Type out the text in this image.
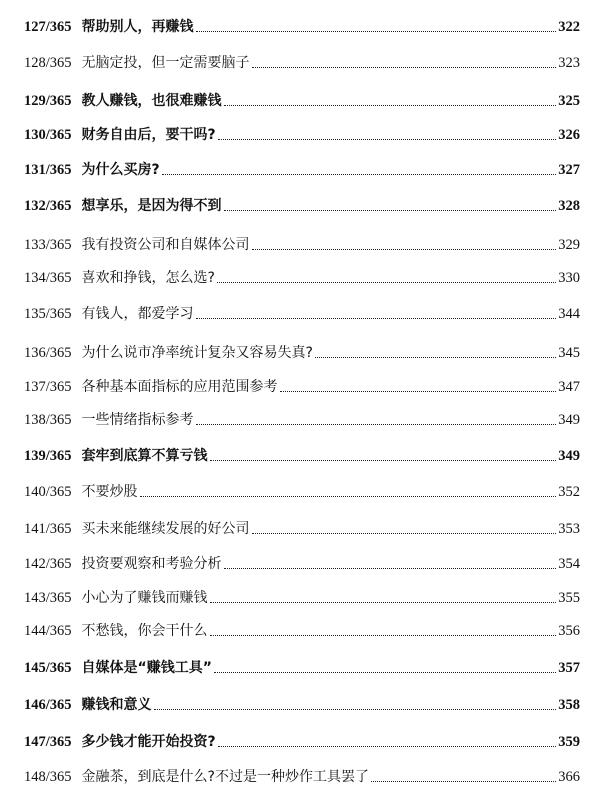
127/365 帮助别人，再赚钱	322
128/365 无脑定投，但一定需要脑子	323
129/365 教人赚钱，也很难赚钱	325
130/365 财务自由后，要干吗?	326
131/365 为什么买房?	327
132/365 想享乐，是因为得不到	328
133/365 我有投资公司和自媒体公司	329
134/365 喜欢和挣钱，怎么选?	330
135/365 有钱人，都爱学习	344
136/365 为什么说市净率统计复杂又容易失真?	345
137/365 各种基本面指标的应用范围参考	347
138/365 一些情绪指标参考	349
139/365 套牢到底算不算亏钱	349
140/365 不要炒股	352
141/365 买未来能继续发展的好公司	353
142/365 投资要观察和考验分析	354
143/365 小心为了赚钱而赚钱	355
144/365 不愁钱，你会干什么	356
145/365 自媒体是“赚钱工具”	357
146/365 赚钱和意义	358
147/365 多少钱才能开始投资?	359
148/365 金融茶，到底是什么?不过是一种炒作工具罢了	366
